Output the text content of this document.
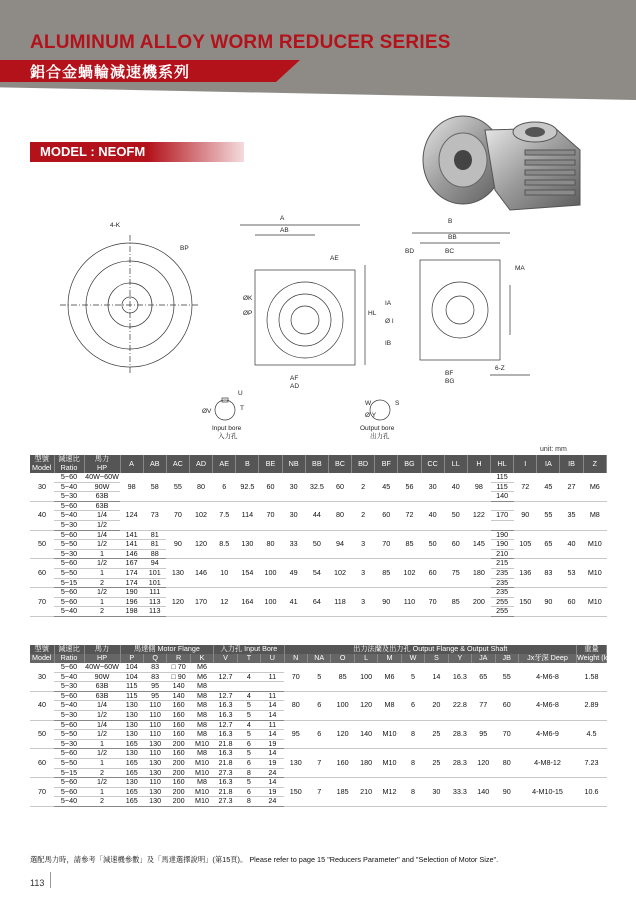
ALUMINUM ALLOY WORM REDUCER SERIES
鋁合金蝸輪減速機系列
MODEL : NEOFM
4-K
BP
A
AB
AE
HL
AF
AD
ØK
ØP
IA
IB
Ø I
U
T
ØV
Input bore
入力孔
B
BB
BD	BC
BF
BG
MA
6-Z
W
Ø Y
S
Output bore
出力孔
unit: mm
型號	減速比	馬力	A	AB	AC	AD	AE	B	BE	NB	BB	BC	BD	BF	BG	CC	LL	H	HL	I	IA	IB	Z
Model	Ratio	HP																					
30	5~60	40W~60W	98	58	55	80	6	92.5	60	30	32.5	60	2	45	56	30	40	98	115	72	45	27	M6
	5~40	90W																	115				
	5~30	63B																	140				
40	5~60	63B	124	73	70	102	7.5	114	70	30	44	80	2	60	72	40	50	122		90	55	35	M8
	5~40	1/4																	170				
	5~30	1/2																					
50	5~60	1/4	141	81	90	120	8.5	130	80	33	50	94	3	70	85	50	60	145	190	105	65	40	M10
	5~50	1/2	141	81															190				
	5~30	1	146	88															210				
60	5~60	1/2	167	94	130	146	10	154	100	49	54	102	3	85	102	60	75	180	215	136	83	53	M10
	5~50	1	174	101															235				
	5~15	2	174	101															235				
70	5~60	1/2	190	111	120	170	12	164	100	41	64	118	3	90	110	70	85	200	235	150	90	60	M10
	5~60	1	196	113															255				
	5~40	2	198	113															255				
型號	減速比	馬力	馬達側 Motor Flange				入力孔 Input Bore			出力法蘭及出力孔 Output Flange & Output Shaft											重量
Model	Ratio	HP	P	Q	R	K	V	T	U	N	NA	O	L	M	W	S	Y	JA	JB	Jx牙深 Deep	Weight (kg)
30	5~60	40W~60W	104	83	□ 70	M6				70	5	85	100	M6	5	14	16.3	65	55	4-M6-8	1.58
	5~40	90W	104	83	□ 90	M6	12.7	4	11												
	5~30	63B	115	95	140	M8															
40	5~60	63B	115	95	140	M8	12.7	4	11	80	6	100	120	M8	6	20	22.8	77	60	4-M6-8	2.89
	5~40	1/4	130	110	160	M8	16.3	5	14												
	5~30	1/2	130	110	160	M8	16.3	5	14												
50	5~60	1/4	130	110	160	M8	12.7	4	11	95	6	120	140	M10	8	25	28.3	95	70	4-M6-9	4.5
	5~50	1/2	130	110	160	M8	16.3	5	14												
	5~30	1	165	130	200	M10	21.8	6	19												
60	5~60	1/2	130	110	160	M8	16.3	5	14	130	7	160	180	M10	8	25	28.3	120	80	4-M8-12	7.23
	5~50	1	165	130	200	M10	21.8	6	19												
	5~15	2	165	130	200	M10	27.3	8	24												
70	5~60	1/2	130	110	160	M8	16.3	5	14	150	7	185	210	M12	8	30	33.3	140	90	4-M10-15	10.6
	5~60	1	165	130	200	M10	21.8	6	19												
	5~40	2	165	130	200	M10	27.3	8	24												
選配馬力時，請參考「減速機參數」及「馬達選擇說明」(第15頁)。 Please refer to page 15 "Reducers Parameter" and "Selection of Motor Size".
113
